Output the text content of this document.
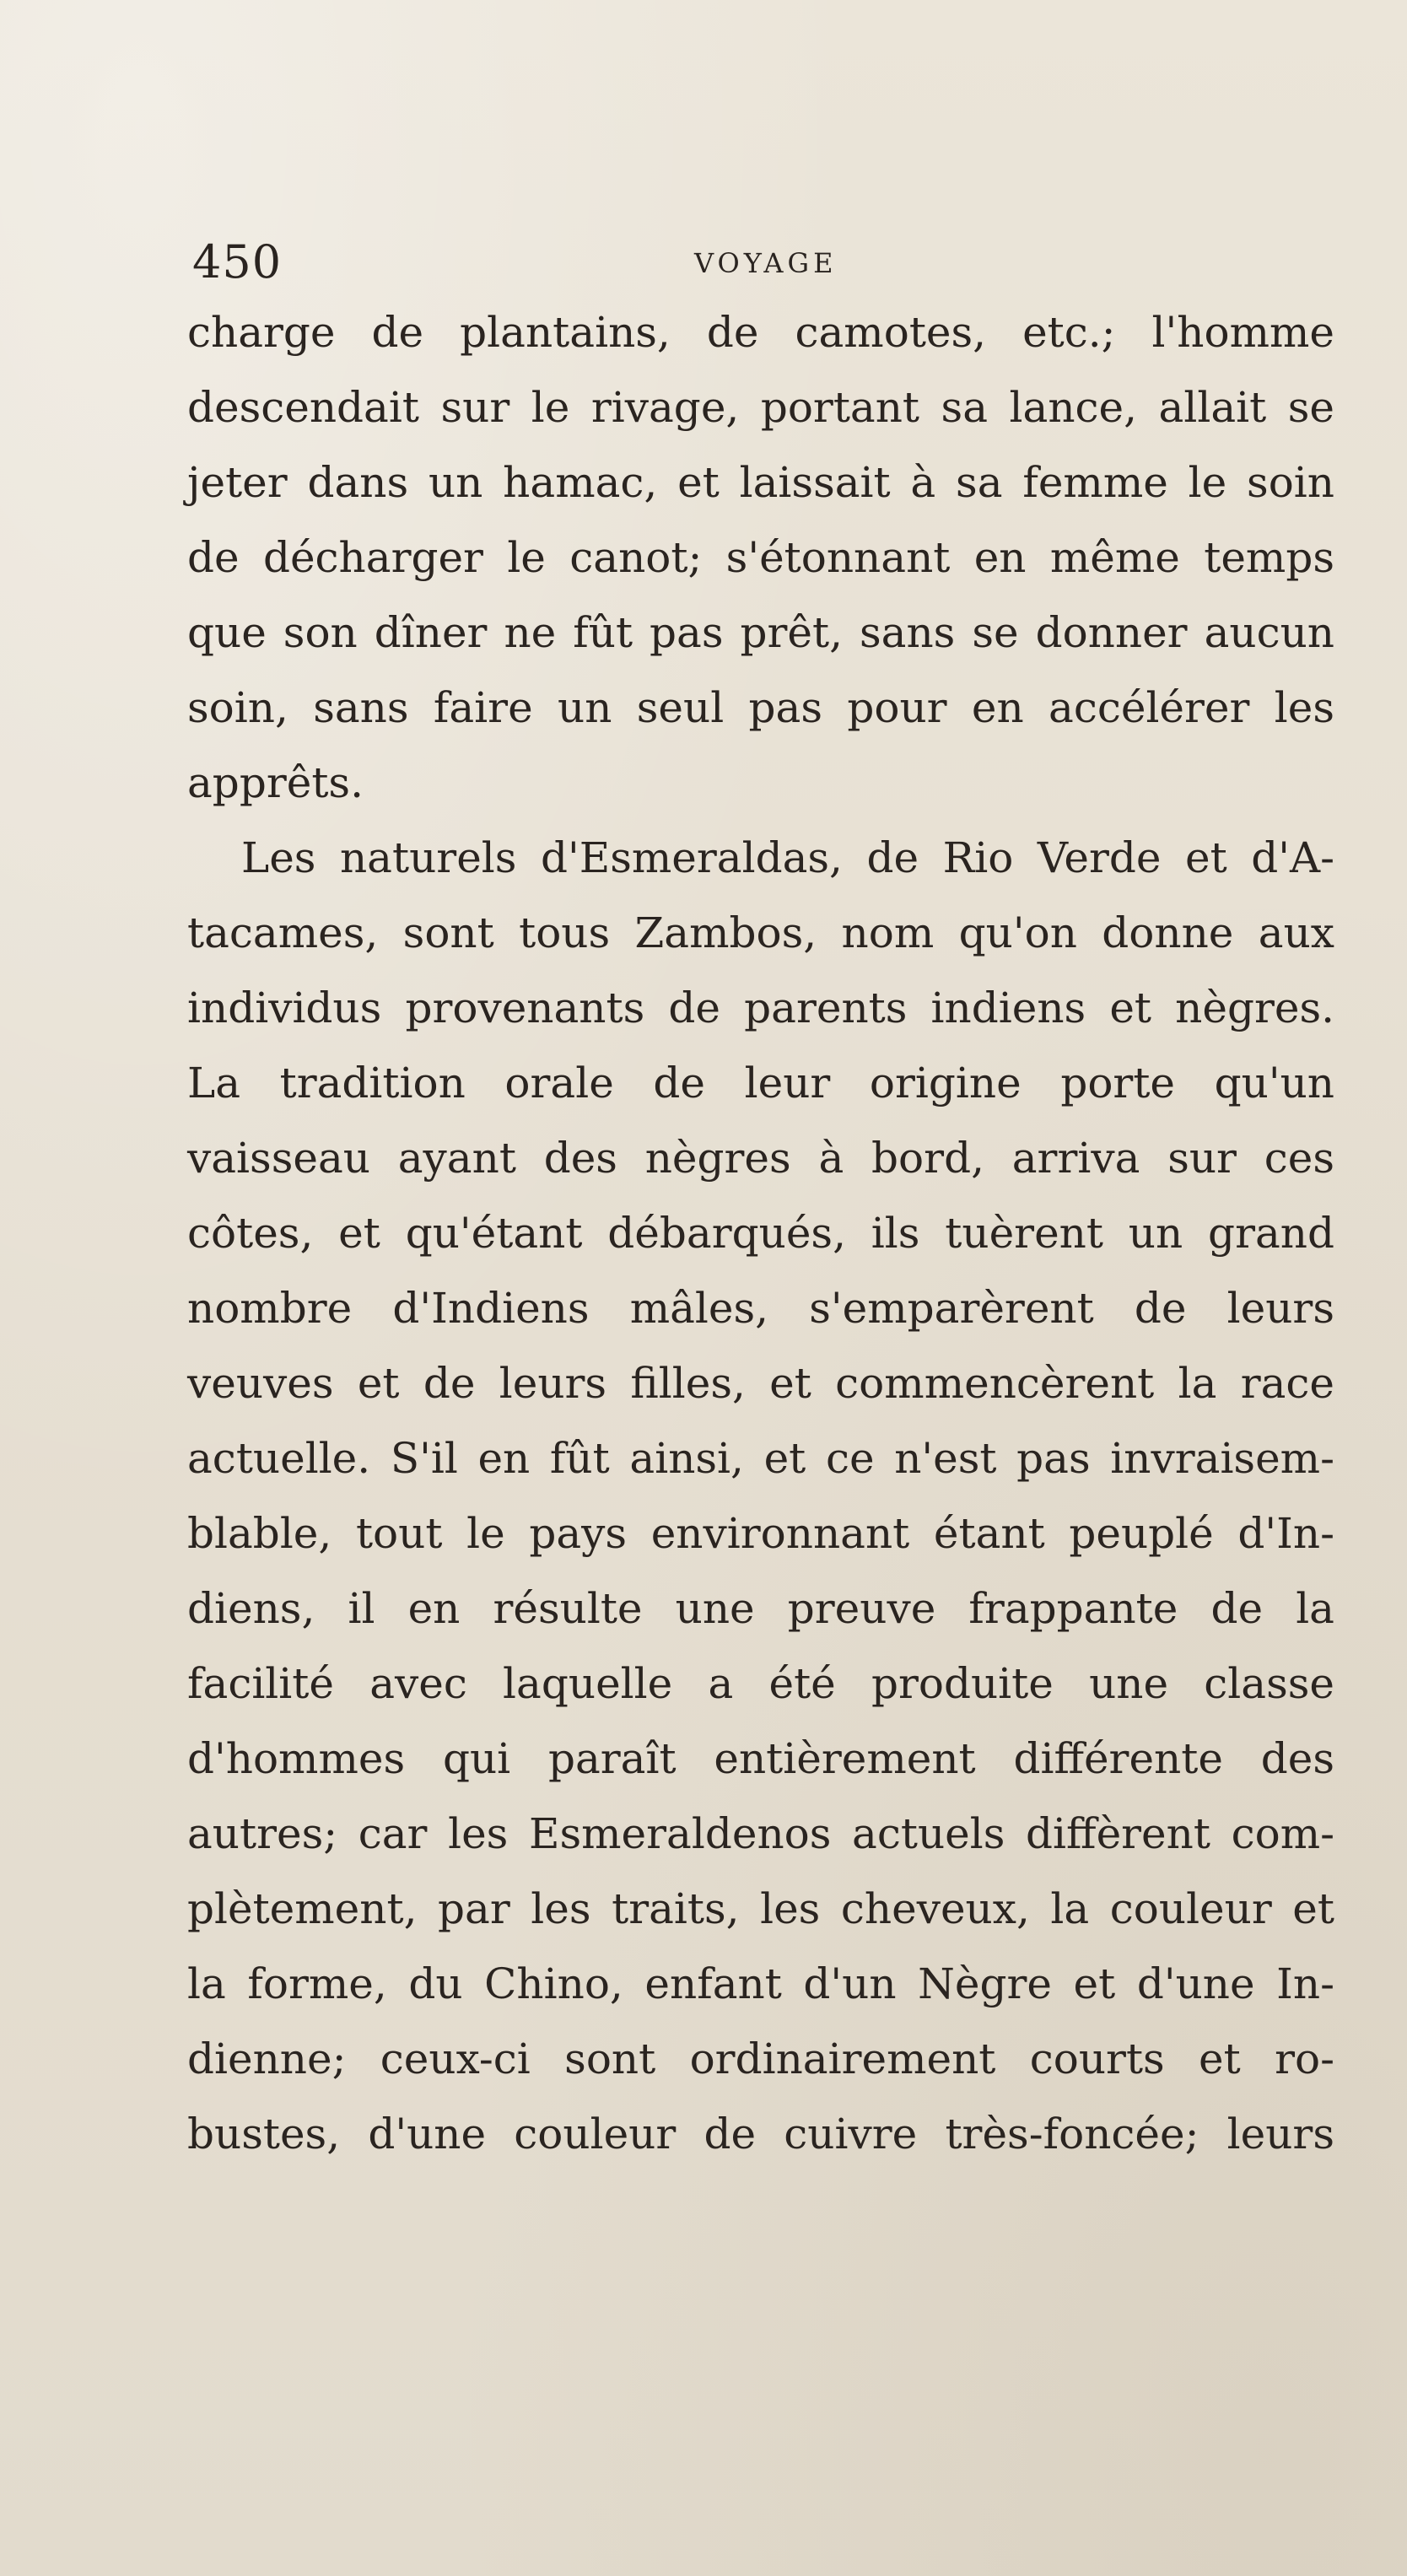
450	VOYAGE
charge de plantains, de camotes, etc.; l'homme
descendait sur le rivage, portant sa lance, allait se
jeter dans un hamac, et laissait à sa femme le soin
de décharger le canot; s'étonnant en même temps
que son dîner ne fût pas prêt, sans se donner aucun
soin, sans faire un seul pas pour en accélérer les
apprêts.
Les naturels d'Esmeraldas, de Rio Verde et d'A-
tacames, sont tous Zambos, nom qu'on donne aux
individus provenants de parents indiens et nègres.
La tradition orale de leur origine porte qu'un
vaisseau ayant des nègres à bord, arriva sur ces
côtes, et qu'étant débarqués, ils tuèrent un grand
nombre d'Indiens mâles, s'emparèrent de leurs
veuves et de leurs filles, et commencèrent la race
actuelle. S'il en fût ainsi, et ce n'est pas invraisem-
blable, tout le pays environnant étant peuplé d'In-
diens, il en résulte une preuve frappante de la
facilité avec laquelle a été produite une classe
d'hommes qui paraît entièrement différente des
autres; car les Esmeraldenos actuels diffèrent com-
plètement, par les traits, les cheveux, la couleur et
la forme, du Chino, enfant d'un Nègre et d'une In-
dienne; ceux-ci sont ordinairement courts et ro-
bustes, d'une couleur de cuivre très-foncée; leurs
